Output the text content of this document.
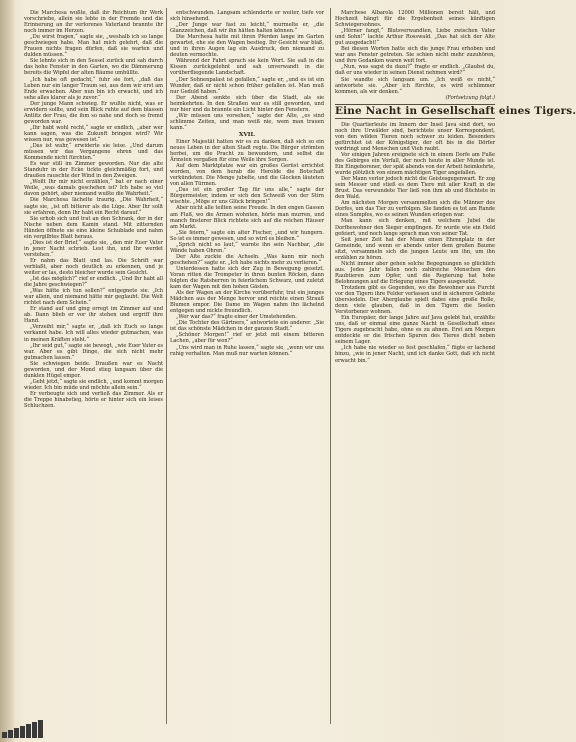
Die Marchesa wußte, daß ihr Reichtum ihr Werk vorschriebe, allein sie lebte in der Fremde und die Erinnerung an ihr verlorenes Vaterland brannte ihr noch immer im Herzen.

„Du wirst fragen,“ sagte sie, „weshalb ich so lange geschwiegen habe. Man hat mich gelehrt, daß die Frauen nichts fragen dürfen, daß sie warten und dulden müssen.“

Sie lehnte sich in den Sessel zurück und sah durch das hohe Fenster in den Garten, wo die Dämmerung bereits die Wipfel der alten Bäume umhüllte.

„Ich habe oft gedacht,“ fuhr sie fort, „daß das Leben nur ein langer Traum sei, aus dem wir erst am Ende erwachen. Aber nun bin ich erwacht, und ich sehe alles klarer als je zuvor.“

Der junge Mann schwieg. Er wußte nicht, was er erwidern sollte, und sein Blick ruhte auf dem blassen Antlitz der Frau, die ihm so nahe und doch so fremd geworden war.

„Ihr habt wohl recht,“ sagte er endlich, „aber wer kann sagen, was die Zukunft bringen wird? Wir wissen nur, was gewesen ist.“

„Das ist wahr,“ erwiderte sie leise. „Und darum müssen wir das Vergangene ehren und das Kommende nicht fürchten.“

Es war still im Zimmer geworden. Nur die alte Standuhr in der Ecke tickte gleichmäßig fort, und draußen rauschte der Wind in den Zweigen.

„Wollt Ihr mir nicht erzählen,“ bat er nach einer Weile, „was damals geschehen ist? Ich habe so viel davon gehört, aber niemand wußte die Wahrheit.“

Die Marchesa lächelte traurig. „Die Wahrheit,“ sagte sie, „ist oft bitterer als die Lüge. Aber Ihr sollt sie erfahren, denn Ihr habt ein Recht darauf.“

Sie erhob sich und trat an den Schrank, der in der Nische neben dem Kamin stand. Mit zitternden Händen öffnete sie eine kleine Schublade und nahm ein vergilbtes Blatt heraus.

„Dies ist der Brief,“ sagte sie, „den mir Euer Vater in jener Nacht schrieb. Lest ihn, und Ihr werdet verstehen.“

Er nahm das Blatt und las. Die Schrift war verblaßt, aber noch deutlich zu erkennen, und je weiter er las, desto bleicher wurde sein Gesicht.

„Ist das möglich?“ rief er endlich. „Und Ihr habt all die Jahre geschwiegen?“

„Was hätte ich tun sollen?“ entgegnete sie. „Ich war allein, und niemand hätte mir geglaubt. Die Welt richtet nach dem Schein.“

Er stand auf und ging erregt im Zimmer auf und ab. Dann blieb er vor ihr stehen und ergriff ihre Hand.

„Verzeiht mir,“ sagte er, „daß ich Euch so lange verkannt habe. Ich will alles wieder gutmachen, was in meinen Kräften steht.“

„Ihr seid gut,“ sagte sie bewegt, „wie Euer Vater es war. Aber es gibt Dinge, die sich nicht mehr gutmachen lassen.“

Sie schwiegen beide. Draußen war es Nacht geworden, und der Mond stieg langsam über die dunklen Hügel empor.

„Geht jetzt,“ sagte sie endlich, „und kommt morgen wieder. Ich bin müde und möchte allein sein.“

Er verbeugte sich und verließ das Zimmer. Als er die Treppe hinabstieg, hörte er hinter sich ein leises Schluchzen.

entschwunden. Langsam schlenderte er weiter, tiefe vor sich hinsehend.

„Der Junge war fast zu leicht,“ murmelte er, „die Glanzzeichen, daß wir ihn hätten halten können.“

Die Marchesa hatte mit ihren Pferden lange im Garten gewartet, ehe sie den Wagen bestieg. Ihr Gesicht war blaß, und in ihren Augen lag ein Ausdruck, den niemand zu deuten vermochte.

Während der Fahrt sprach sie kein Wort. Sie saß in die Kissen zurückgelehnt und sah unverwandt in die vorüberfliegende Landschaft.

„Der Sohnenpalast ist gefallen,“ sagte er, „und es ist ein Wunder, daß er nicht schon früher gefallen ist. Man muß nur Geduld haben.“

Der Abend senkte sich über die Stadt, als sie heimkehrten. In den Straßen war es still geworden, und nur hier und da brannte ein Licht hinter den Fenstern.

„Wir müssen uns vorsehen,“ sagte der Alte, „es sind schlimme Zeiten, und man weiß nie, wem man trauen kann.“

XVII.

Einer Majestät hatten wir es zu danken, daß sich so ein neues Leben in der alten Stadt regte. Die Bürger strömten herbei, um die Pracht zu bewundern, und selbst die Ärmsten vergaßen für eine Weile ihre Sorgen.

Auf dem Marktplatze war ein großes Gerüst errichtet worden, von dem herab die Herolde die Botschaft verkündeten. Die Menge jubelte, und die Glocken läuteten von allen Türmen.

„Das ist ein großer Tag für uns alle,“ sagte der Bürgermeister, indem er sich den Schweiß von der Stirn wischte. „Möge er uns Glück bringen!“

Aber nicht alle teilten seine Freude. In den engen Gassen am Fluß, wo die Armen wohnten, hörte man murren, und manch finsterer Blick richtete sich auf die reichen Häuser am Markt.

„Sie feiern,“ sagte ein alter Fischer, „und wir hungern. So ist es immer gewesen, und so wird es bleiben.“

„Sprich nicht so laut,“ warnte ihn sein Nachbar, „die Wände haben Ohren.“

Der Alte zuckte die Achseln. „Was kann mir noch geschehen?“ sagte er. „Ich habe nichts mehr zu verlieren.“

Unterdessen hatte sich der Zug in Bewegung gesetzt. Voran ritten die Trompeter in ihren bunten Röcken, dann folgten die Ratsherren in feierlichem Schwarz, und zuletzt kam der Wagen mit den hohen Gästen.

Als der Wagen an der Kirche vorüberfuhr, trat ein junges Mädchen aus der Menge hervor und reichte einen Strauß Blumen empor. Die Dame im Wagen nahm ihn lächelnd entgegen und nickte freundlich.

„Wer war das?“ fragte einer der Umstehenden.

„Die Tochter des Gärtners,“ antwortete ein anderer. „Sie ist das schönste Mädchen in der ganzen Stadt.“

„Schöner Morgen!“ rief er jetzt mit einem bitteren Lachen, „aber für wen?“

„Uns wird man in Ruhe lassen,“ sagte sie, „wenn wir uns ruhig verhalten. Man muß nur warten können.“

Marchese Albarola 12000 Millionen bereit hält, und Hochzeit hängt für die Ergebenheit seines künftigen Schwiegersohnes.

„Hörner fangt,“ Blutsverwandten, Liebe zwischen Vater und Sohn!“ lachte Arthur Rosswald. „Das hat sich der Alte gut ausgedacht!“

Bei diesen Worten hatte sich die junge Frau erhoben und war ans Fenster getreten. Sie schien nicht mehr zuzuhören, und ihre Gedanken waren weit fort.

„Nun, was sagst du dazu?“ fragte er endlich. „Glaubst du, daß er uns wieder in seinen Dienst nehmen wird?“

Sie wandte sich langsam um. „Ich weiß es nicht,“ antwortete sie. „Aber ich fürchte, es wird schlimmer kommen, als wir denken.“

(Fortsetzung folgt.)

Eine Nacht in Gesellschaft eines Tigers.

Die Quartierleute im Innern der Insel Java sind dort, wo noch ihre Urwälder sind, berichtete unser Korrespondent, von den wilden Tieren noch schwer zu leiden. Besonders gefürchtet ist der Königstiger, der oft bis in die Dörfer vordringt und Menschen und Vieh raubt.

Vor einigen Jahren ereignete sich in einem Dorfe am Fuße des Gebirges ein Vorfall, der noch heute in aller Munde ist. Ein Eingeborener, der spät abends von der Arbeit heimkehrte, wurde plötzlich von einem mächtigen Tiger angefallen.

Der Mann verlor jedoch nicht die Geistesgegenwart. Er zog sein Messer und stieß es dem Tiere mit aller Kraft in die Brust. Das verwundete Tier ließ von ihm ab und flüchtete in den Wald.

Am nächsten Morgen versammelten sich die Männer des Dorfes, um das Tier zu verfolgen. Sie fanden es tot am Rande eines Sumpfes, wo es seinen Wunden erlegen war.

Man kann sich denken, mit welchem Jubel die Dorfbewohner den Sieger empfingen. Er wurde wie ein Held gefeiert, und noch lange sprach man von seiner Tat.

Seit jener Zeit hat der Mann einen Ehrenplatz in der Gemeinde, und wenn er abends unter dem großen Baume sitzt, versammeln sich die jungen Leute um ihn, um ihn erzählen zu hören.

Nicht immer aber gehen solche Begegnungen so glücklich aus. Jedes Jahr fallen noch zahlreiche Menschen den Raubtieren zum Opfer, und die Regierung hat hohe Belohnungen auf die Erlegung eines Tigers ausgesetzt.

Trotzdem gibt es Gegenden, wo die Bewohner aus Furcht vor den Tigern ihre Felder verlassen und in sicherere Gebiete übersiedeln. Der Aberglaube spielt dabei eine große Rolle, denn viele glauben, daß in den Tigern die Seelen Verstorbener wohnen.

Ein Europäer, der lange Jahre auf Java gelebt hat, erzählte uns, daß er einmal eine ganze Nacht in Gesellschaft eines Tigers zugebracht habe, ohne es zu ahnen. Erst am Morgen entdeckte er die frischen Spuren des Tieres dicht neben seinem Lager.

„Ich habe nie wieder so fest geschlafen,“ fügte er lachend hinzu, „wie in jener Nacht, und ich danke Gott, daß ich nicht erwacht bin.“
